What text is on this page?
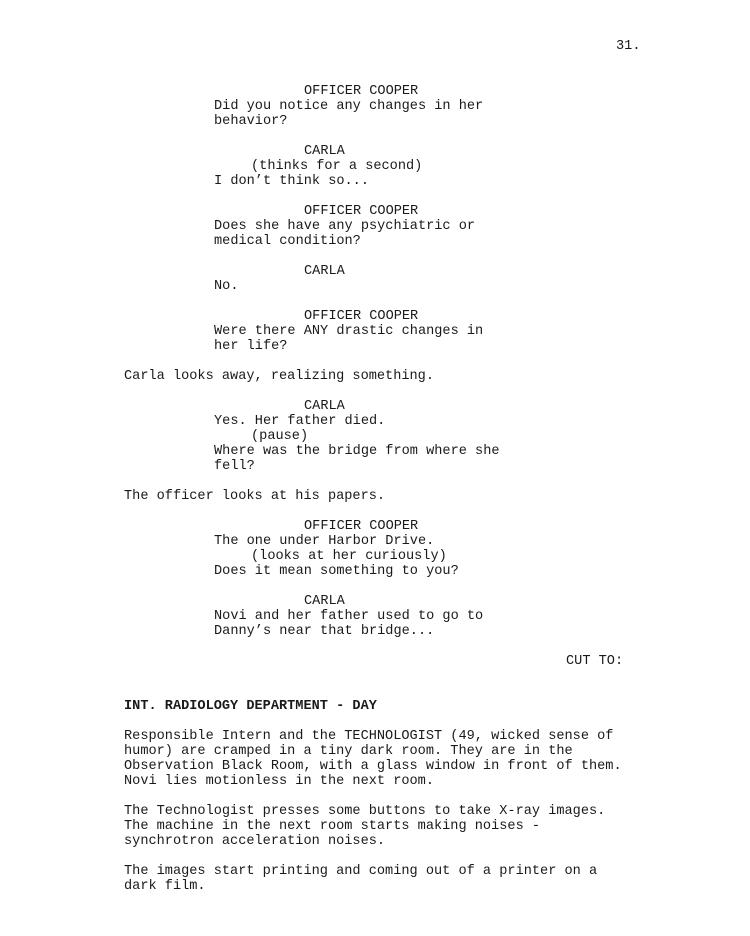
31.
OFFICER COOPER
Did you notice any changes in her
behavior?
CARLA
(thinks for a second)
I don’t think so...
OFFICER COOPER
Does she have any psychiatric or
medical condition?
CARLA
No.
OFFICER COOPER
Were there ANY drastic changes in
her life?
Carla looks away, realizing something.
CARLA
Yes. Her father died.
(pause)
Where was the bridge from where she
fell?
The officer looks at his papers.
OFFICER COOPER
The one under Harbor Drive.
(looks at her curiously)
Does it mean something to you?
CARLA
Novi and her father used to go to
Danny’s near that bridge...
CUT TO:
INT. RADIOLOGY DEPARTMENT - DAY
Responsible Intern and the TECHNOLOGIST (49, wicked sense of
humor) are cramped in a tiny dark room. They are in the
Observation Black Room, with a glass window in front of them.
Novi lies motionless in the next room.
The Technologist presses some buttons to take X-ray images.
The machine in the next room starts making noises -
synchrotron acceleration noises.
The images start printing and coming out of a printer on a
dark film.
